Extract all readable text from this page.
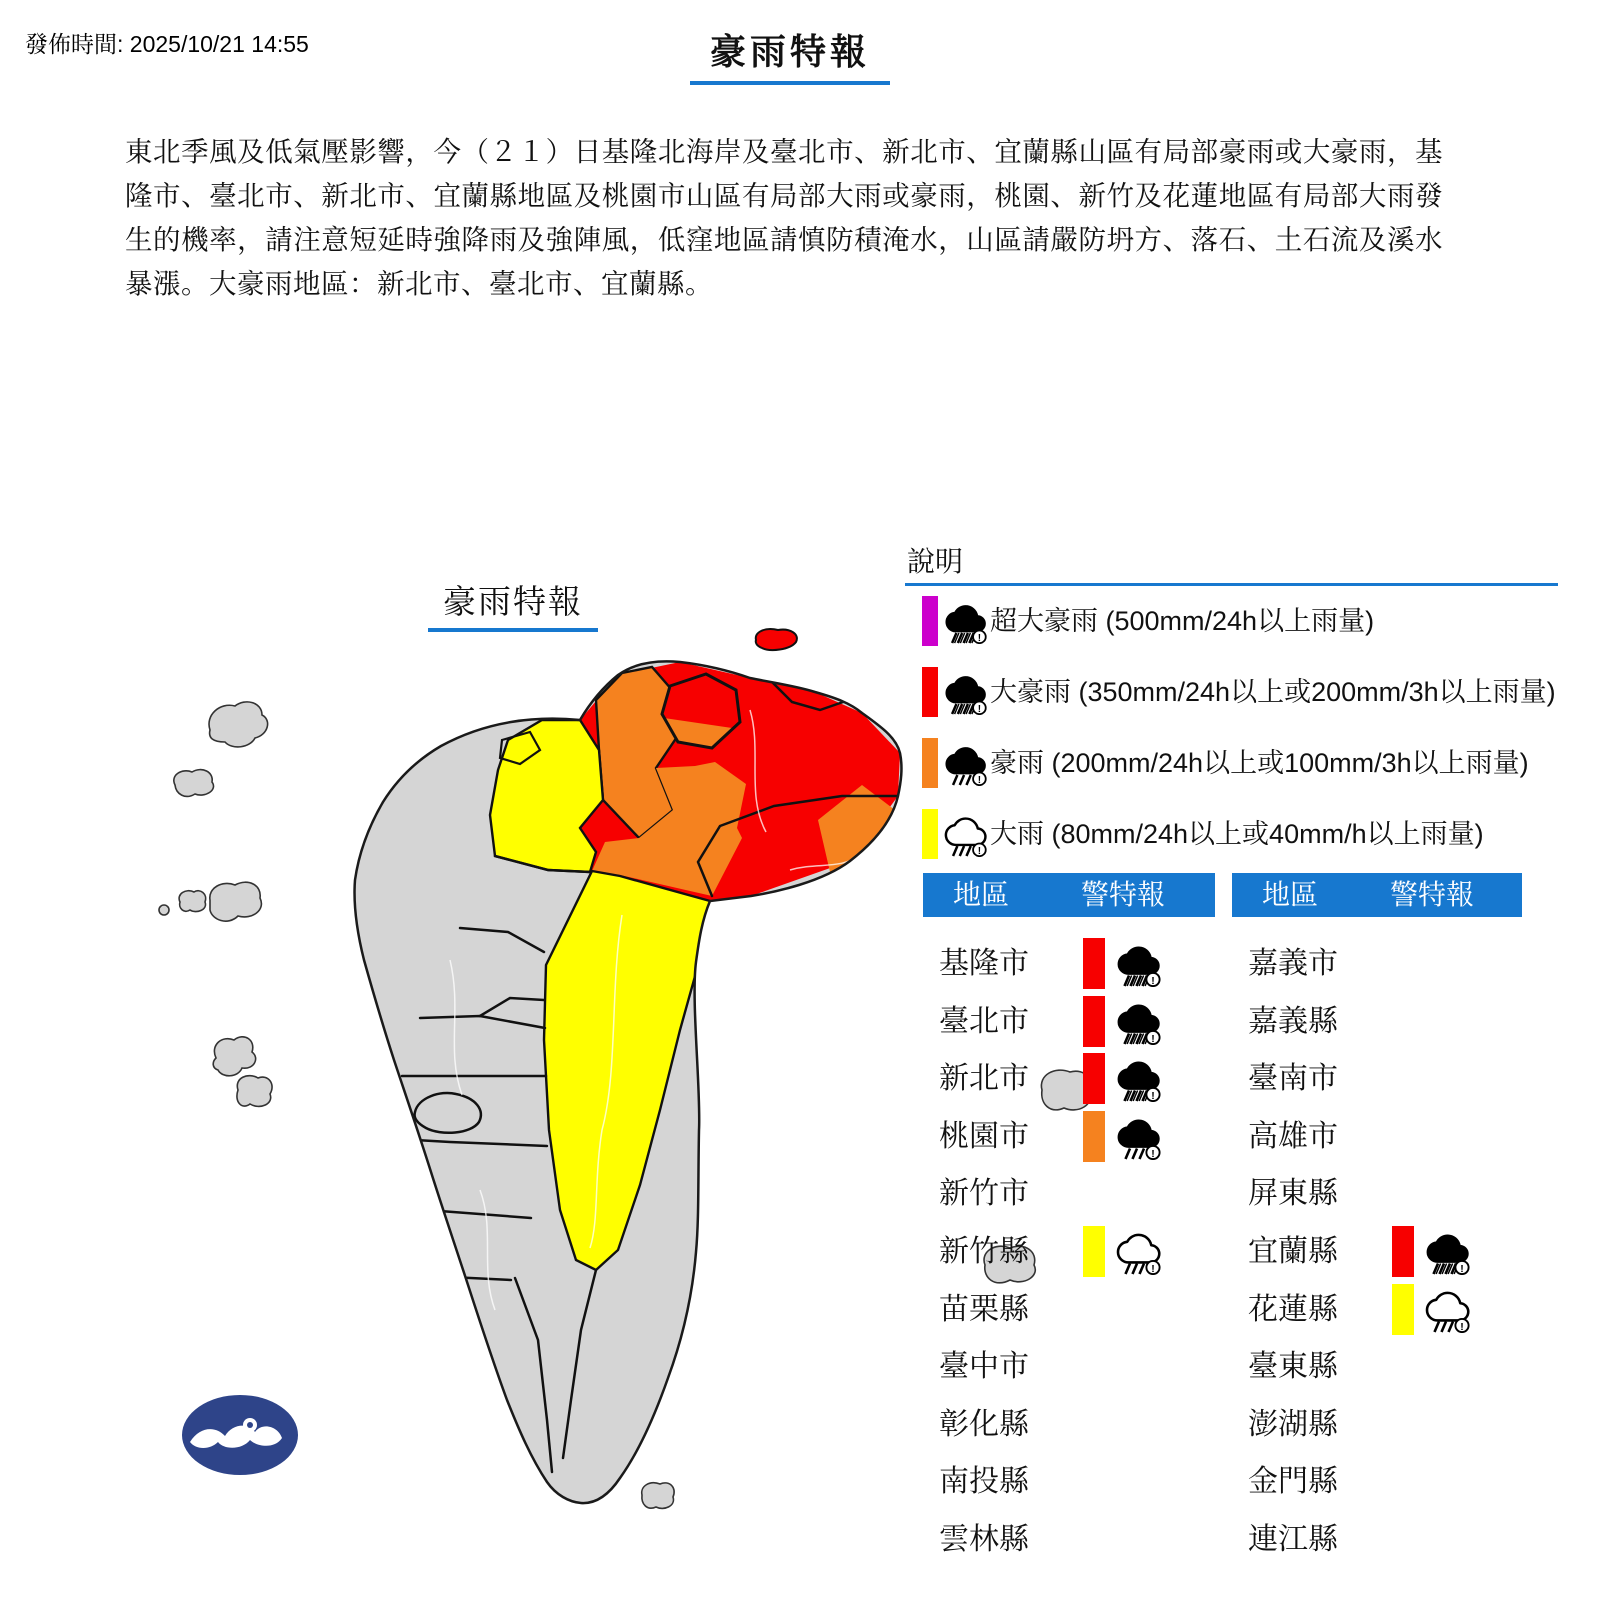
發佈時間: 2025/10/21 14:55	豪雨特報
東北季風及低氣壓影響，今（２１）日基隆北海岸及臺北市、新北市、宜蘭縣山區有局部豪雨或大豪雨，基隆市、臺北市、新北市、宜蘭縣地區及桃園市山區有局部大雨或豪雨，桃園、新竹及花蓮地區有局部大雨發生的機率，請注意短延時強降雨及強陣風，低窪地區請慎防積淹水，山區請嚴防坍方、落石、土石流及溪水暴漲。大豪雨地區：新北市、臺北市、宜蘭縣。
豪雨特報
說明
!
超大豪雨 (500mm/24h以上雨量)
!
大豪雨 (350mm/24h以上或200mm/3h以上雨量)
!
豪雨 (200mm/24h以上或100mm/3h以上雨量)
!
大雨 (80mm/24h以上或40mm/h以上雨量)
地區	警特報
基隆市
!
臺北市
!
新北市
!
桃園市
!
新竹市
新竹縣
!
苗栗縣
臺中市
彰化縣
南投縣
雲林縣
地區	警特報
嘉義市
嘉義縣
臺南市
高雄市
屏東縣
宜蘭縣
!
花蓮縣
!
臺東縣
澎湖縣
金門縣
連江縣
